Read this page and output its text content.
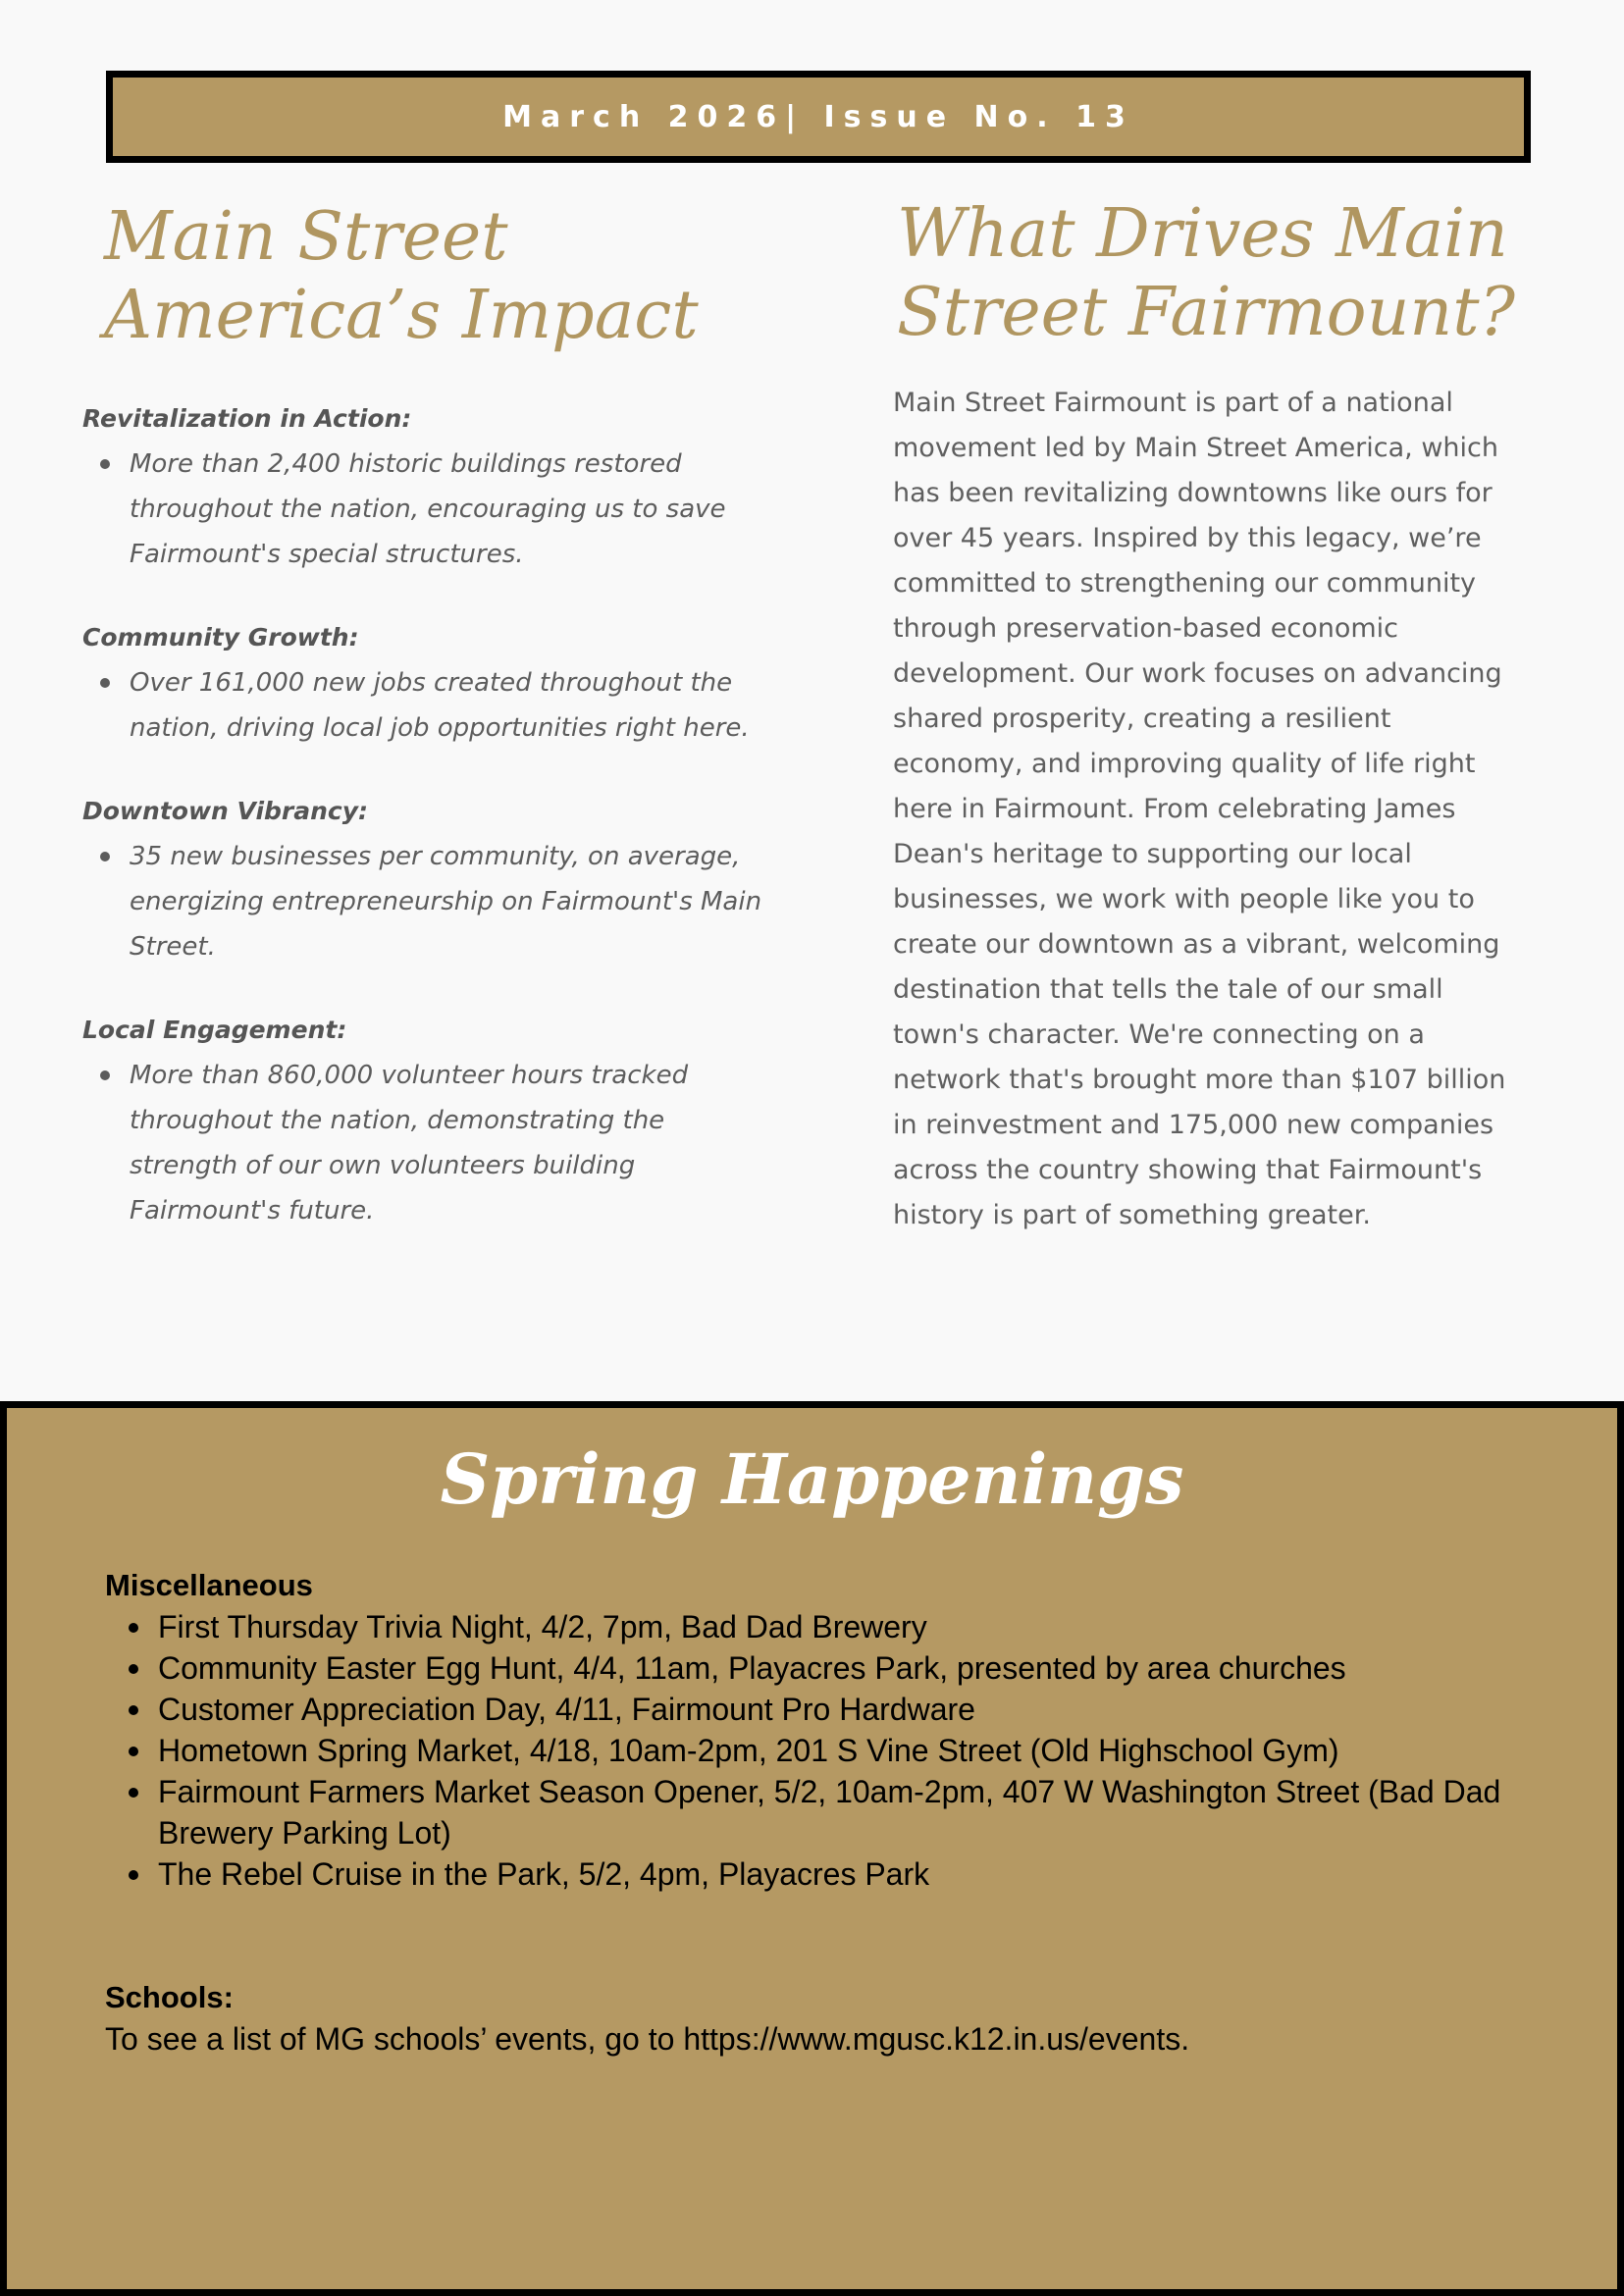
March 2026| Issue No. 13
Main Street America’s Impact
What Drives Main Street Fairmount?
Revitalization in Action:
More than 2,400 historic buildings restored throughout the nation, encouraging us to save Fairmount's special structures.
Community Growth:
Over 161,000 new jobs created throughout the nation, driving local job opportunities right here.
Downtown Vibrancy:
35 new businesses per community, on average, energizing entrepreneurship on Fairmount's Main Street.
Local Engagement:
More than 860,000 volunteer hours tracked throughout the nation, demonstrating the strength of our own volunteers building Fairmount's future.

Main Street Fairmount is part of a national movement led by Main Street America, which has been revitalizing downtowns like ours for over 45 years. Inspired by this legacy, we’re committed to strengthening our community through preservation-based economic development. Our work focuses on advancing shared prosperity, creating a resilient economy, and improving quality of life right here in Fairmount. From celebrating James Dean's heritage to supporting our local businesses, we work with people like you to create our downtown as a vibrant, welcoming destination that tells the tale of our small town's character. We're connecting on a network that's brought more than $107 billion in reinvestment and 175,000 new companies across the country showing that Fairmount's history is part of something greater.

Spring Happenings
Miscellaneous
First Thursday Trivia Night, 4/2, 7pm, Bad Dad Brewery
Community Easter Egg Hunt, 4/4, 11am, Playacres Park, presented by area churches
Customer Appreciation Day, 4/11, Fairmount Pro Hardware
Hometown Spring Market, 4/18, 10am-2pm, 201 S Vine Street (Old Highschool Gym)
Fairmount Farmers Market Season Opener, 5/2, 10am-2pm, 407 W Washington Street (Bad Dad Brewery Parking Lot)
The Rebel Cruise in the Park, 5/2, 4pm, Playacres Park
Schools:

To see a list of MG schools’ events, go to https://www.mgusc.k12.in.us/events.
